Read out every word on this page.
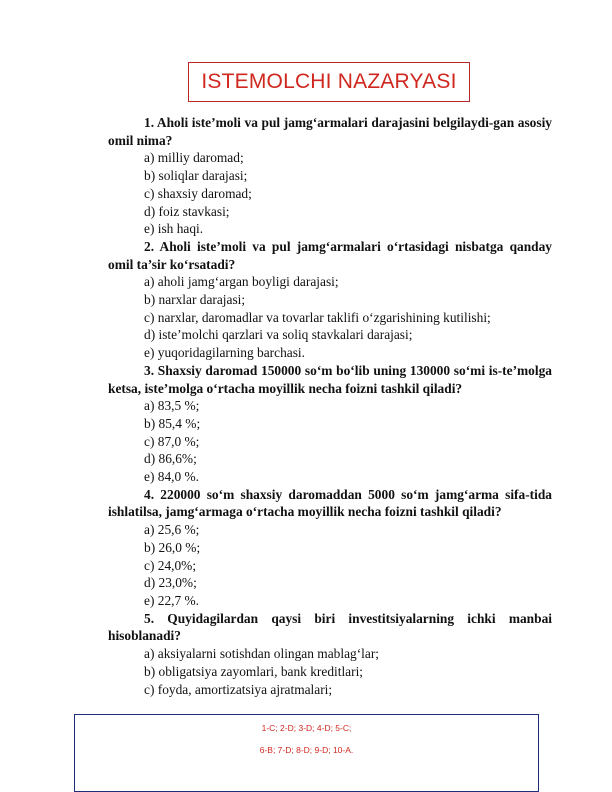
ISTEMOLCHI NAZARYASI

1. Aholi iste’moli va pul jamg‘armalari darajasini belgilaydi-gan asosiy omil nima?

a) milliy daromad;

b) soliqlar darajasi;

c) shaxsiy daromad;

d) foiz stavkasi;

e) ish haqi.

2. Aholi iste’moli va pul jamg‘armalari o‘rtasidagi nisbatga qanday omil ta’sir ko‘rsatadi?

a) aholi jamg‘argan boyligi darajasi;

b) narxlar darajasi;

c) narxlar, daromadlar va tovarlar taklifi o‘zgarishining kutilishi;

d) iste’molchi qarzlari va soliq stavkalari darajasi;

e) yuqoridagilarning barchasi.

3. Shaxsiy daromad 150000 so‘m bo‘lib uning 130000 so‘mi is-te’molga ketsa, iste’molga o‘rtacha moyillik necha foizni tashkil qiladi?

a) 83,5 %;

b) 85,4 %;

c) 87,0 %;

d) 86,6%;

e) 84,0 %.

4. 220000 so‘m shaxsiy daromaddan 5000 so‘m jamg‘arma sifa-tida ishlatilsa, jamg‘armaga o‘rtacha moyillik necha foizni tashkil qiladi?

a) 25,6 %;

b) 26,0 %;

c) 24,0%;

d) 23,0%;

e) 22,7 %.

5. Quyidagilardan qaysi biri investitsiyalarning ichki manbai hisoblanadi?

a) aksiyalarni sotishdan olingan mablag‘lar;

b) obligatsiya zayomlari, bank kreditlari;

c) foyda, amortizatsiya ajratmalari;

1-C; 2-D; 3-D; 4-D; 5-C;
6-B; 7-D; 8-D; 9-D; 10-A.
